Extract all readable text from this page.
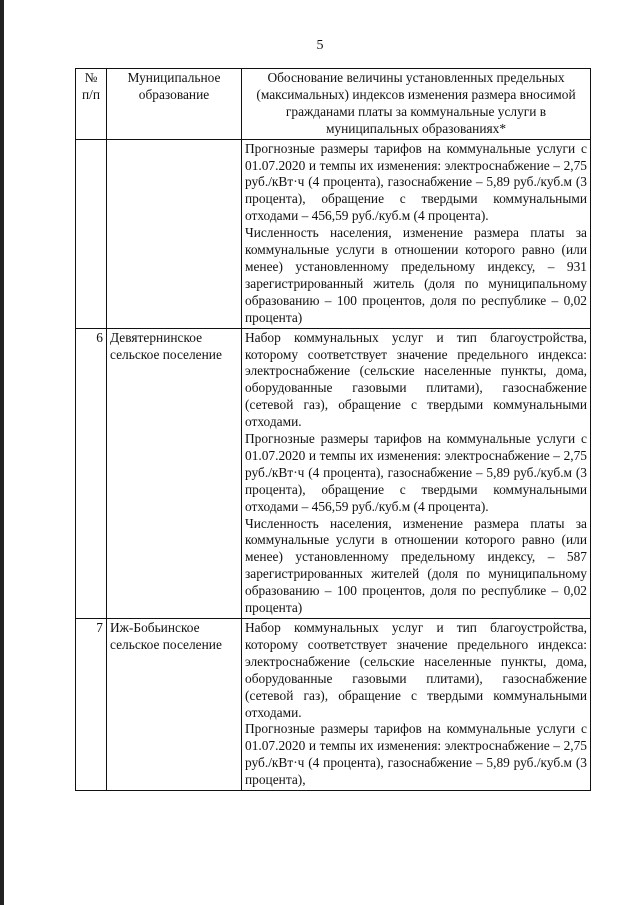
5
№ п/п	Муниципальное образование	Обоснование величины установленных предельных (максимальных) индексов изменения размера вносимой гражданами платы за коммунальные услуги в муниципальных образованиях*

		Прогнозные размеры тарифов на коммунальные услуги с 01.07.2020 и темпы их изменения: электроснабжение – 2,75 руб./кВт·ч (4 процента), газоснабжение – 5,89 руб./куб.м (3 процента), обращение с твердыми коммунальными отходами – 456,59 руб./куб.м (4 процента).

Численность населения, изменение размера платы за коммунальные услуги в отношении которого равно (или менее) установленному предельному индексу, – 931 зарегистрированный житель (доля по муниципальному образованию – 100 процентов, доля по республике – 0,02 процента)

6	Девятернинское сельское поселение	Набор коммунальных услуг и тип благоустройства, которому соответствует значение предельного индекса: электроснабжение (сельские населенные пункты, дома, оборудованные газовыми плитами), газоснабжение (сетевой газ), обращение с твердыми коммунальными отходами.

Прогнозные размеры тарифов на коммунальные услуги с 01.07.2020 и темпы их изменения: электроснабжение – 2,75 руб./кВт·ч (4 процента), газоснабжение – 5,89 руб./куб.м (3 процента), обращение с твердыми коммунальными отходами – 456,59 руб./куб.м (4 процента).

Численность населения, изменение размера платы за коммунальные услуги в отношении которого равно (или менее) установленному предельному индексу, – 587 зарегистрированных жителей (доля по муниципальному образованию – 100 процентов, доля по республике – 0,02 процента)

7	Иж-Бобьинское сельское поселение	Набор коммунальных услуг и тип благоустройства, которому соответствует значение предельного индекса: электроснабжение (сельские населенные пункты, дома, оборудованные газовыми плитами), газоснабжение (сетевой газ), обращение с твердыми коммунальными отходами.

Прогнозные размеры тарифов на коммунальные услуги с 01.07.2020 и темпы их изменения: электроснабжение – 2,75 руб./кВт·ч (4 процента), газоснабжение – 5,89 руб./куб.м (3 процента),
